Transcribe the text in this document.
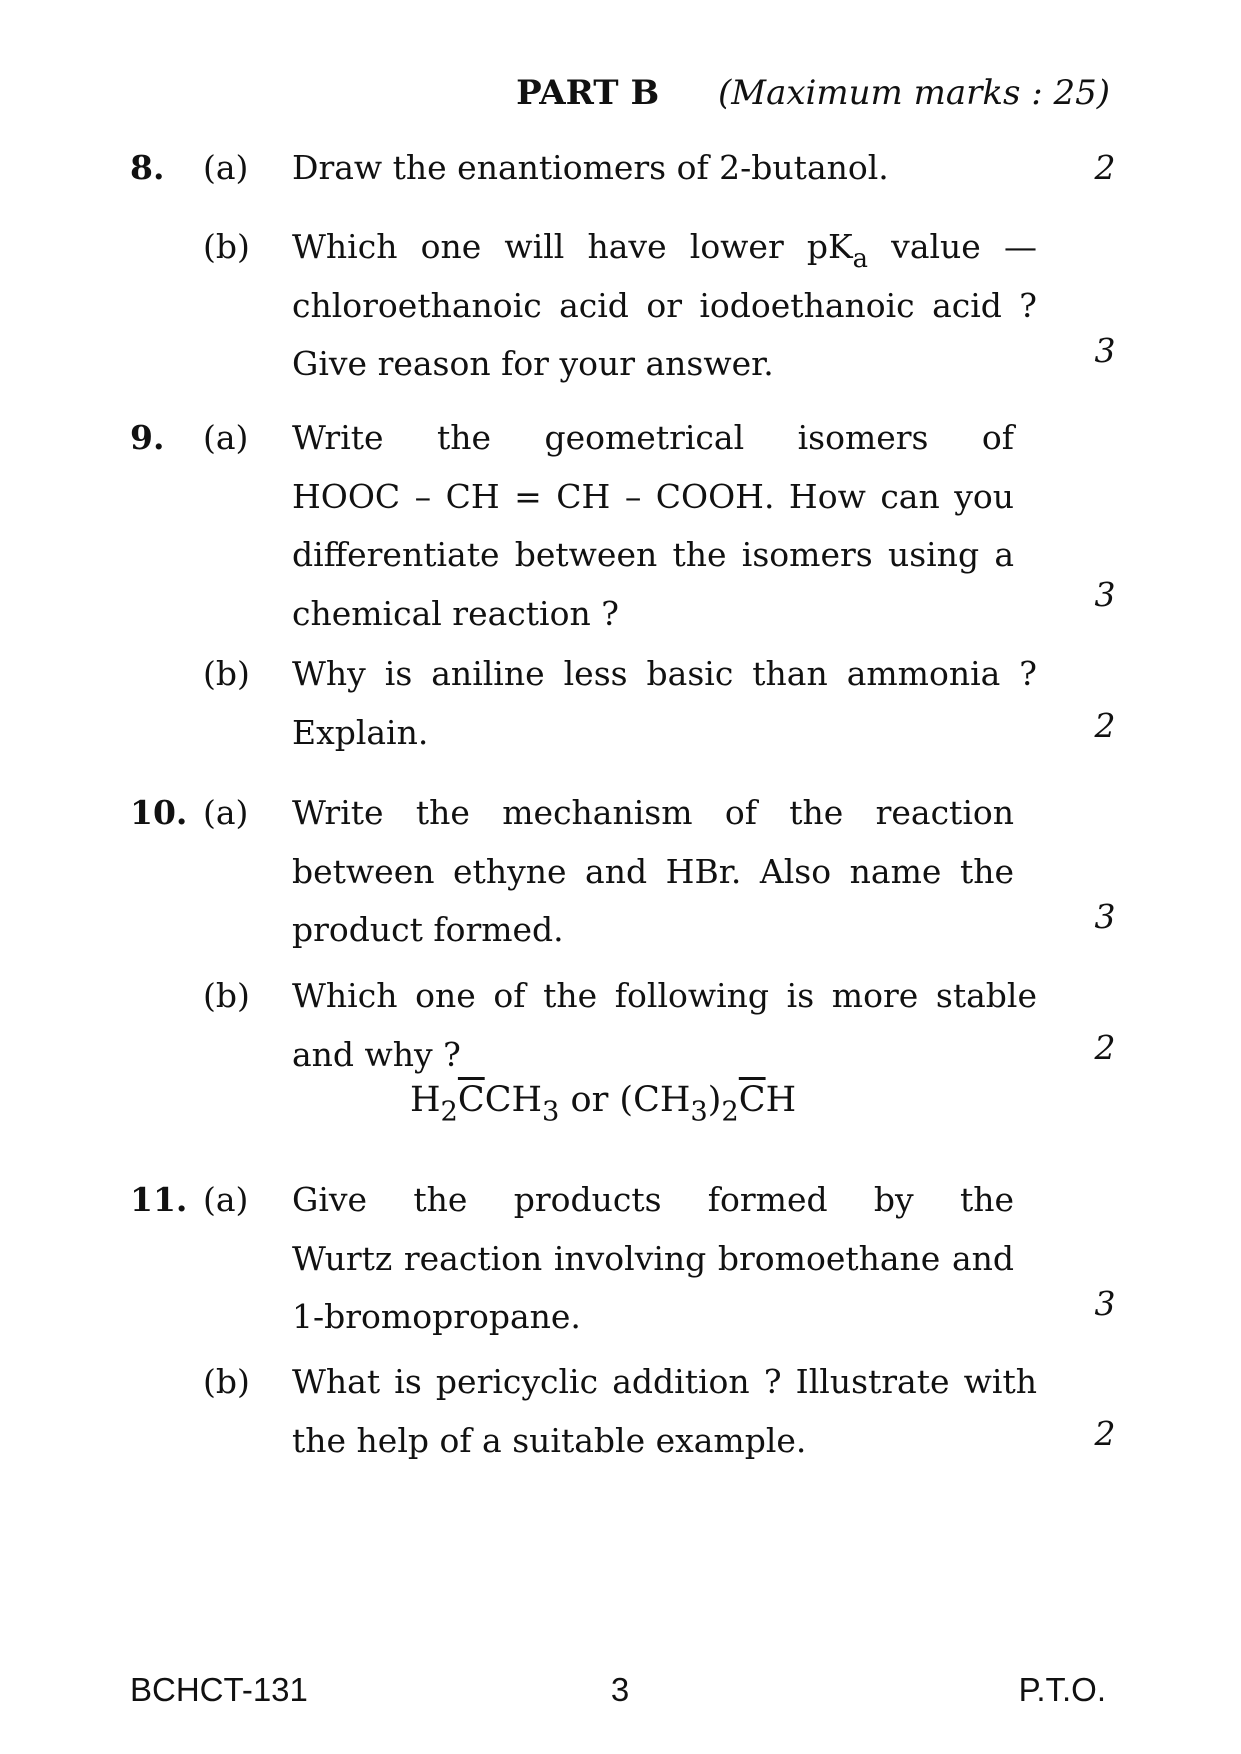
PART B (Maximum marks : 25)
8. (a) Draw the enantiomers of 2-butanol.	2
(b) Which one will have lower $pK_a$ value —
chloroethanoic acid or iodoethanoic acid ?
Give reason for your answer.	3
9. (a) Write the geometrical isomers of
HOOC – CH = CH – COOH. How can you
differentiate between the isomers using a
chemical reaction ?	3
(b) Why is aniline less basic than ammonia ?
Explain.	2
10. (a) Write the mechanism of the reaction
between ethyne and HBr. Also name the
product formed.	3
(b) Which one of the following is more stable
and why ?	2
$H_2\overline{C}CH_3$ or $(CH_3)_2\overline{C}H$
11. (a) Give the products formed by the
Wurtz reaction involving bromoethane and
1-bromopropane.	3
(b) What is pericyclic addition ? Illustrate with
the help of a suitable example.	2
BCHCT-131	3	P.T.O.
